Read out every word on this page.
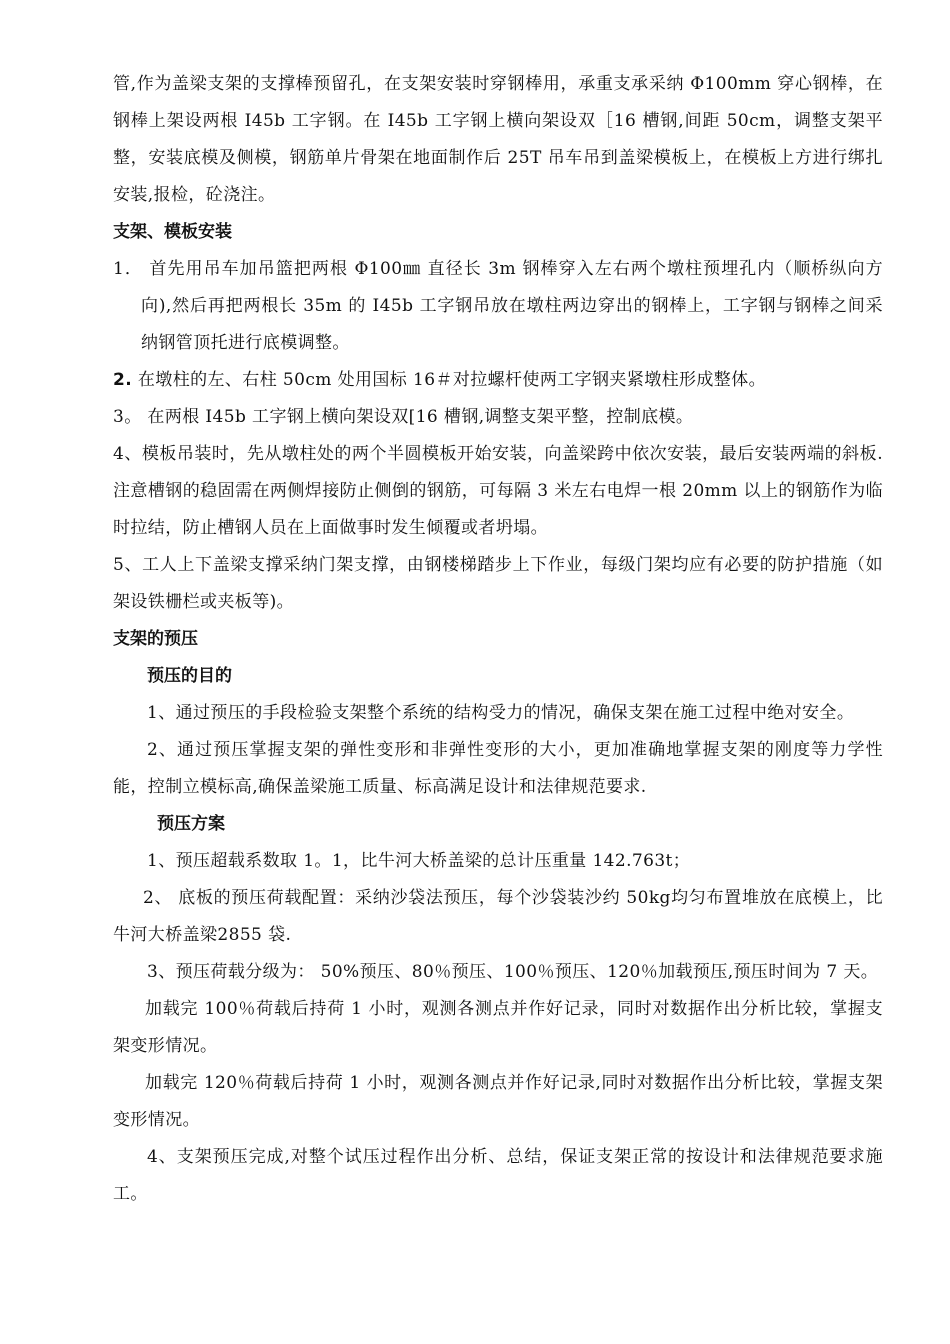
管,作为盖梁支架的支撑棒预留孔，在支架安装时穿钢棒用，承重支承采纳 Φ100mm 穿心钢棒，在钢棒上架设两根 I45b 工字钢。在 I45b 工字钢上横向架设双［16 槽钢,间距 50cm，调整支架平整，安装底模及侧模，钢筋单片骨架在地面制作后 25T 吊车吊到盖梁模板上，在模板上方进行绑扎安装,报检，砼浇注。

支架、模板安装

1． 首先用吊车加吊篮把两根 Φ100㎜ 直径长 3m 钢棒穿入左右两个墩柱预埋孔内（顺桥纵向方向),然后再把两根长 35m 的 I45b 工字钢吊放在墩柱两边穿出的钢棒上，工字钢与钢棒之间采纳钢管顶托进行底模调整。

2. 在墩柱的左、右柱 50cm 处用国标 16＃对拉螺杆使两工字钢夹紧墩柱形成整体。

3。 在两根 I45b 工字钢上横向架设双[16 槽钢,调整支架平整，控制底模。

4、模板吊装时，先从墩柱处的两个半圆模板开始安装，向盖梁跨中依次安装，最后安装两端的斜板.注意槽钢的稳固需在两侧焊接防止侧倒的钢筋，可每隔 3 米左右电焊一根 20mm 以上的钢筋作为临时拉结，防止槽钢人员在上面做事时发生倾覆或者坍塌。

5、工人上下盖梁支撑采纳门架支撑，由钢楼梯踏步上下作业，每级门架均应有必要的防护措施（如架设铁栅栏或夹板等)。

支架的预压

预压的目的

1、通过预压的手段检验支架整个系统的结构受力的情况，确保支架在施工过程中绝对安全。

2、通过预压掌握支架的弹性变形和非弹性变形的大小，更加准确地掌握支架的刚度等力学性能，控制立模标高,确保盖梁施工质量、标高满足设计和法律规范要求.

预压方案

1、预压超载系数取 1。1，比牛河大桥盖梁的总计压重量 142.763t；

2、 底板的预压荷载配置：采纳沙袋法预压，每个沙袋装沙约 50kg均匀布置堆放在底模上，比牛河大桥盖梁2855 袋.

3、预压荷载分级为： 50%预压、80％预压、100％预压、120％加载预压,预压时间为 7 天。

加载完 100％荷载后持荷 1 小时，观测各测点并作好记录，同时对数据作出分析比较，掌握支架变形情况。

加载完 120％荷载后持荷 1 小时，观测各测点并作好记录,同时对数据作出分析比较，掌握支架变形情况。

4、支架预压完成,对整个试压过程作出分析、总结，保证支架正常的按设计和法律规范要求施工。
